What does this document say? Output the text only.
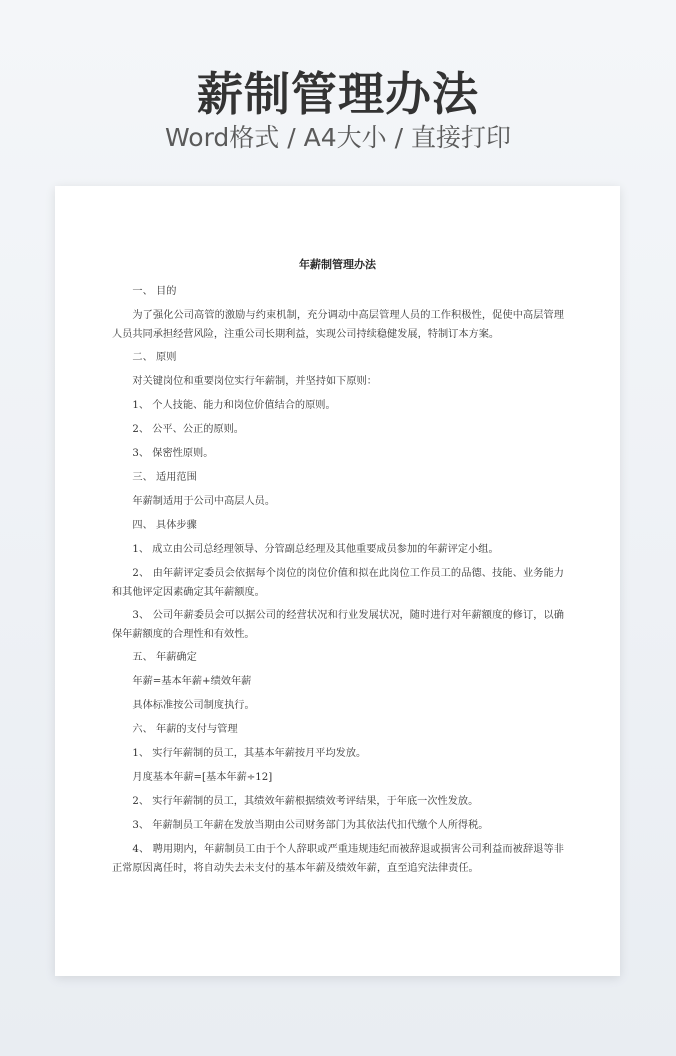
薪制管理办法
Word格式 / A4大小 / 直接打印
年薪制管理办法

一、 目的

为了强化公司高管的激励与约束机制，充分调动中高层管理人员的工作积极性，促使中高层管理人员共同承担经营风险，注重公司长期利益，实现公司持续稳健发展，特制订本方案。

二、 原则

对关键岗位和重要岗位实行年薪制，并坚持如下原则：

1、 个人技能、能力和岗位价值结合的原则。

2、 公平、公正的原则。

3、 保密性原则。

三、 适用范围

年薪制适用于公司中高层人员。

四、 具体步骤

1、 成立由公司总经理领导、分管副总经理及其他重要成员参加的年薪评定小组。

2、 由年薪评定委员会依据每个岗位的岗位价值和拟在此岗位工作员工的品德、技能、业务能力和其他评定因素确定其年薪额度。

3、 公司年薪委员会可以据公司的经营状况和行业发展状况，随时进行对年薪额度的修订，以确保年薪额度的合理性和有效性。

五、 年薪确定

年薪=基本年薪+绩效年薪

具体标准按公司制度执行。

六、 年薪的支付与管理

1、 实行年薪制的员工，其基本年薪按月平均发放。

月度基本年薪=[基本年薪÷12]

2、 实行年薪制的员工，其绩效年薪根据绩效考评结果，于年底一次性发放。

3、 年薪制员工年薪在发放当期由公司财务部门为其依法代扣代缴个人所得税。

4、 聘用期内，年薪制员工由于个人辞职或严重违规违纪而被辞退或损害公司利益而被辞退等非正常原因离任时，将自动失去未支付的基本年薪及绩效年薪，直至追究法律责任。
